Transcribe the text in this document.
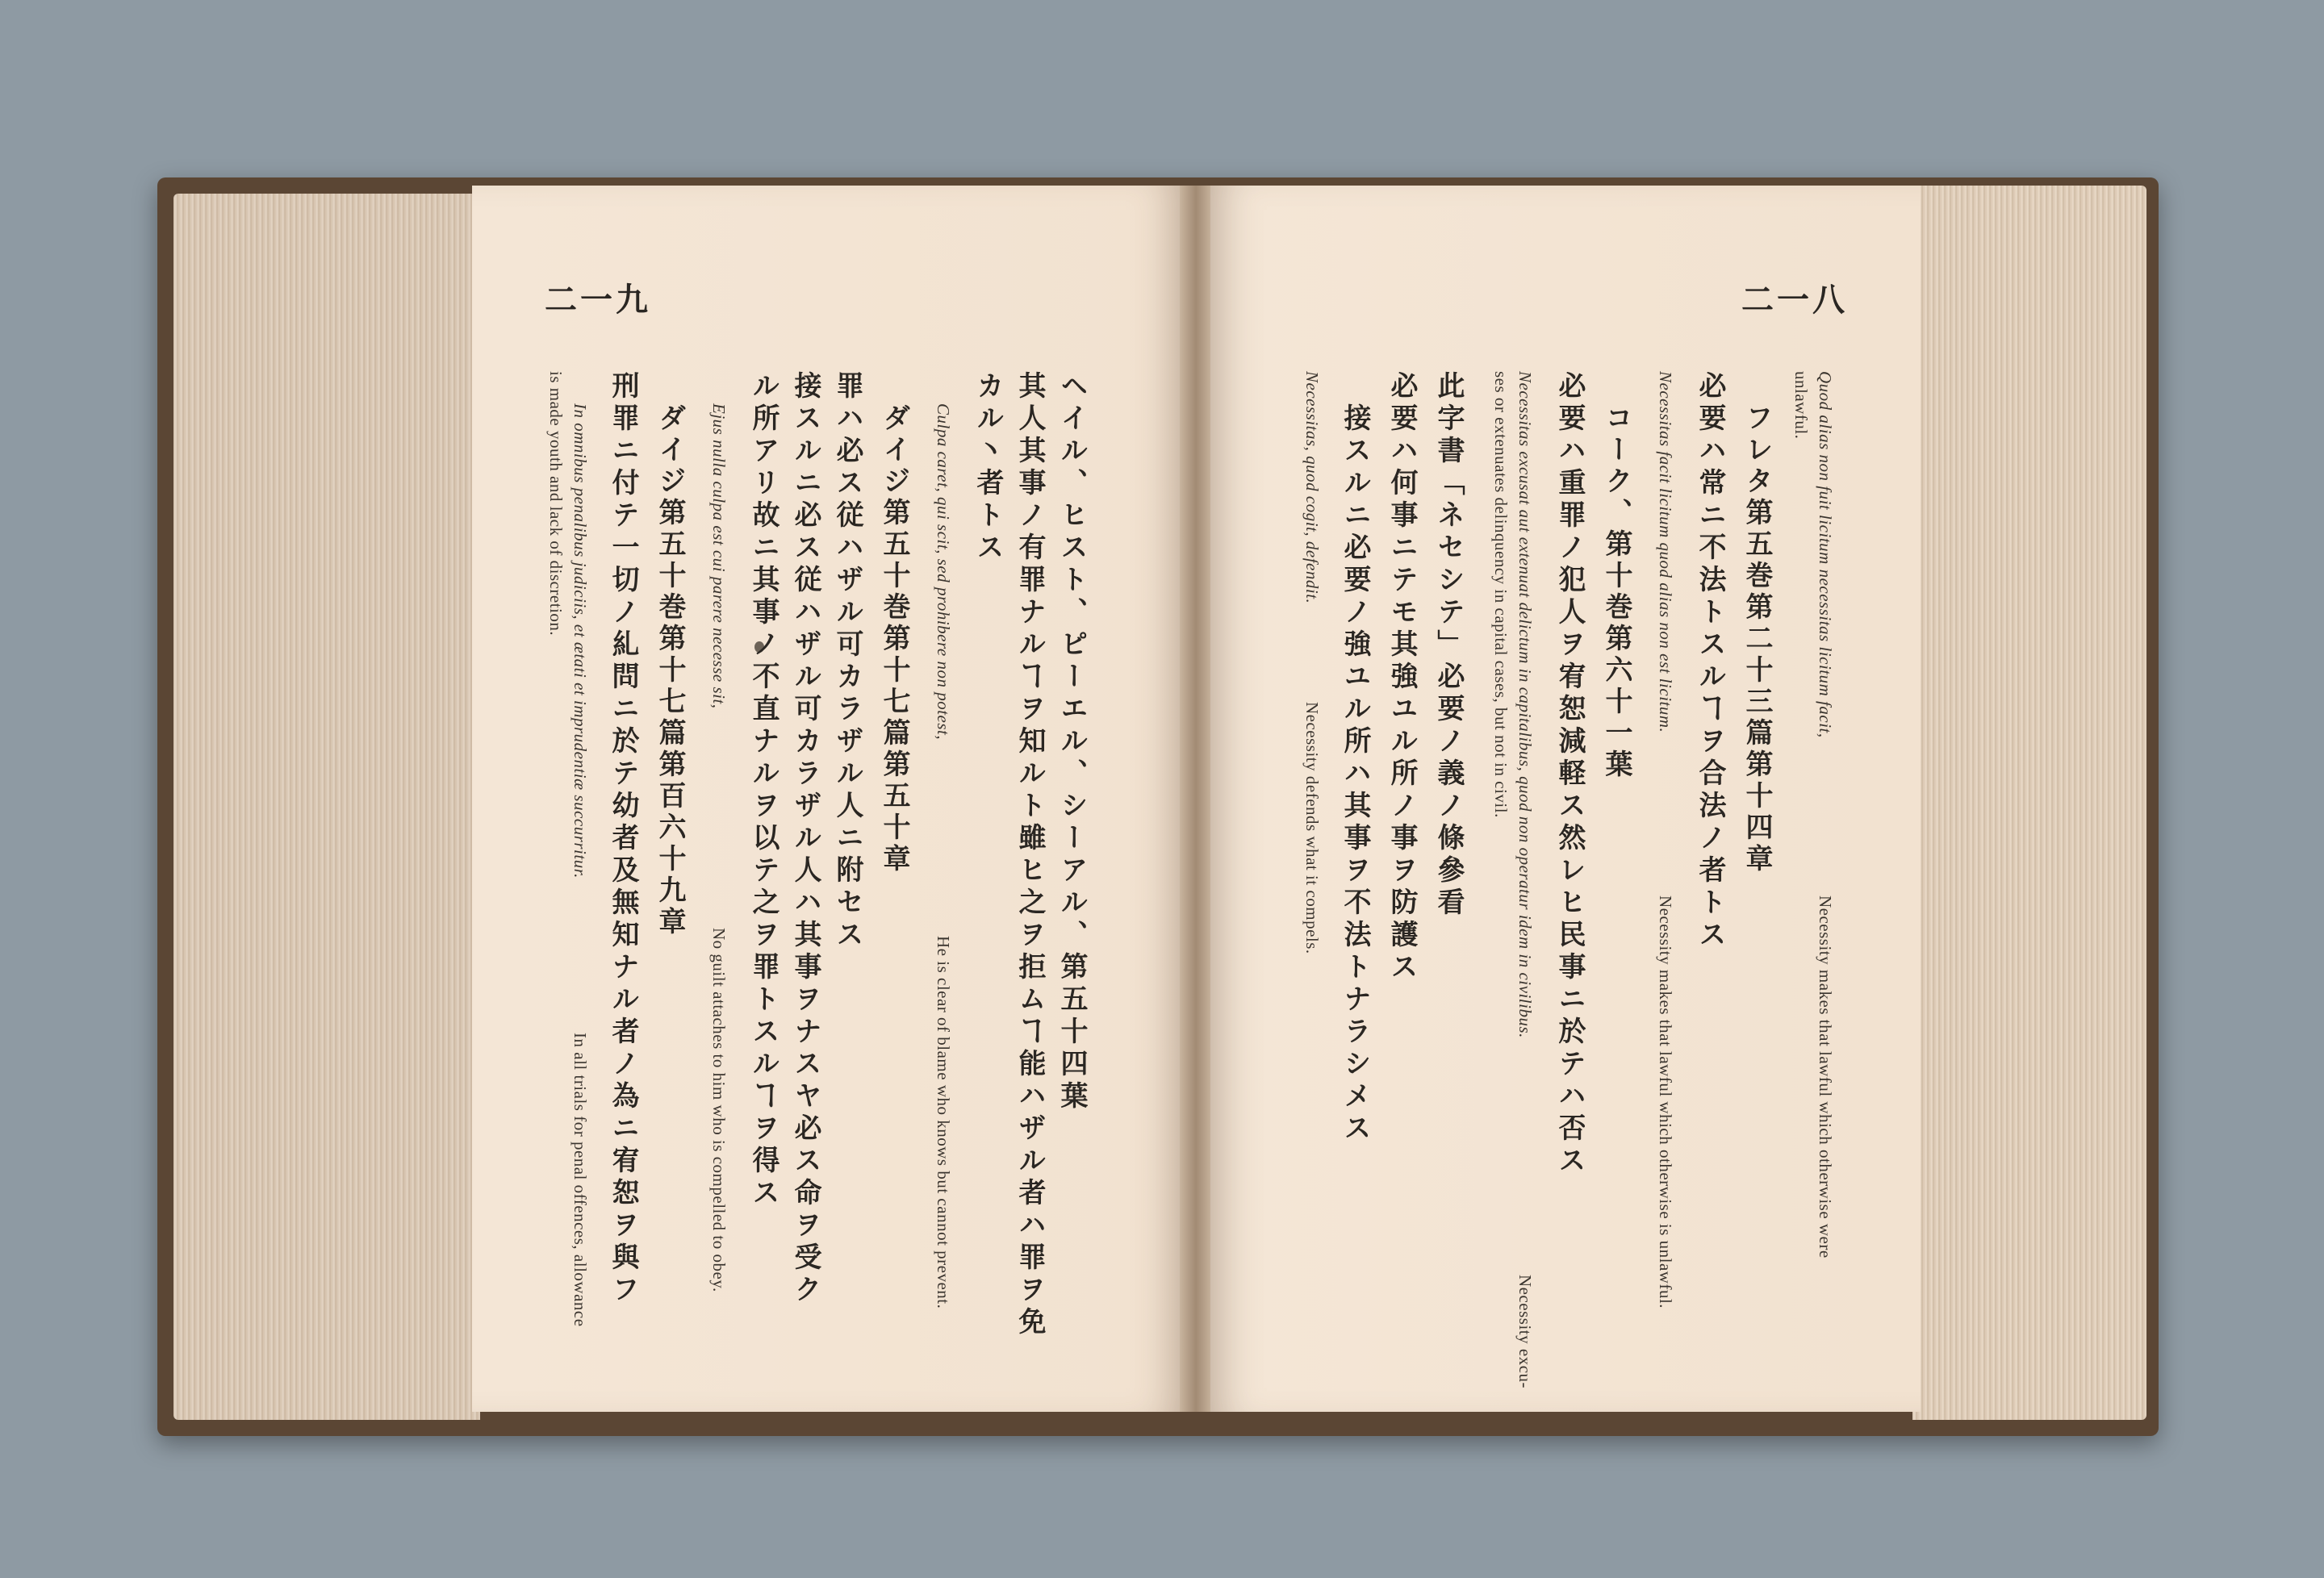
二一九
ヘイル、ヒスト、ピーエル、シーアル、第五十四葉
其人其事ノ有罪ナルヿヲ知ルト雖ヒ之ヲ拒ムヿ能ハザル者ハ罪ヲ免
カル丶者トス
Culpa caret, qui scit, sed prohibere non potest,
He is clear of blame who knows but cannot prevent.
ダイジ第五十巻第十七篇第五十章
罪ハ必ス従ハザル可カラザル人ニ附セス
接スルニ必ス従ハザル可カラザル人ハ其事ヲナスヤ必ス命ヲ受ク
ル所アリ故ニ其事ノ不直ナルヲ以テ之ヲ罪トスルヿヲ得ス
Ejus nulla culpa est cui parere necesse sit,
No guilt attaches to him who is compelled to obey.
ダイジ第五十巻第十七篇第百六十九章
刑罪ニ付テ一切ノ糺問ニ於テ幼者及無知ナル者ノ為ニ宥恕ヲ與フ
In omnibus penalibus judiciis, et ætati et imprudentiæ succurritur.
In all trials for penal offences, allowance
is made youth and lack of discretion.
二一八
Quod alias non fuit licitum necessitas licitum facit,
Necessity makes that lawful which otherwise were
unlawful.
フレタ第五巻第二十三篇第十四章
必要ハ常ニ不法トスルヿヲ合法ノ者トス
Necessitas facit licitum quod alias non est licitum.
Necessity makes that lawful which otherwise is unlawful.
コーク、第十巻第六十一葉
必要ハ重罪ノ犯人ヲ宥恕減軽ス然レヒ民事ニ於テハ否ス
Necessitas excusat aut extenuat delictum in capitalibus, quod non operatur idem in civilibus.
Necessity excu-
ses or extenuates delinquency in capital cases, but not in civil.
此字書「ネセシテ」必要ノ義ノ條參看
必要ハ何事ニテモ其強ユル所ノ事ヲ防護ス
接スルニ必要ノ強ユル所ハ其事ヲ不法トナラシメス
Necessitas, quod cogit, defendit.
Necessity defends what it compels.
